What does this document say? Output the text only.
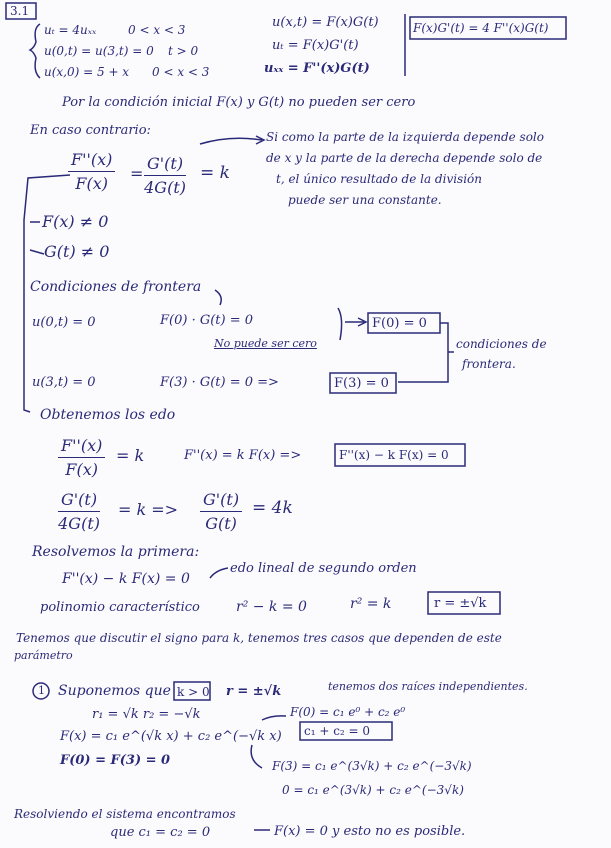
3.1
uₜ = 4uₓₓ	0 < x < 3
u(0,t) = u(3,t) = 0 t > 0
u(x,0) = 5 + x 0 < x < 3
u(x,t) = F(x)G(t)
uₜ = F(x)G'(t)
uₓₓ = F''(x)G(t)
F(x)G'(t) = 4 F''(x)G(t)
Por la condición inicial F(x) y G(t) no pueden ser cero
En caso contrario:	Si como la parte de la izquierda depende solo
de x y la parte de la derecha depende solo de
t, el único resultado de la división
puede ser una constante.
$\frac{F''(x)}{F(x)} = \frac{G'(t)}{4G(t)} = k$
F(x) ≠ 0
G(t) ≠ 0
Condiciones de frontera
u(0,t) = 0	F(0) · G(t) = 0
No puede ser cero
F(0) = 0
u(3,t) = 0	F(3) · G(t) = 0 =>	F(3) = 0
condiciones de
frontera.
Obtenemos los edo
$\frac{F''(x)}{F(x)} = k$	F''(x) = k F(x) =>	F''(x) − k F(x) = 0
$\frac{G'(t)}{4G(t)} = k => \frac{G'(t)}{G(t)} = 4k$
Resolvemos la primera:
F''(x) − k F(x) = 0
edo lineal de segundo orden
polinomio característico	r² − k = 0	r² = k	r = ±√k
Tenemos que discutir el signo para k, tenemos tres casos que dependen de este
parámetro
1 Suponemos que k > 0 r = ±√k	tenemos dos raíces independientes.
r₁ = √k r₂ = −√k
F(x) = c₁ e^(√k x) + c₂ e^(−√k x)
F(0) = F(3) = 0
F(0) = c₁ e⁰ + c₂ e⁰
c₁ + c₂ = 0
F(3) = c₁ e^(3√k) + c₂ e^(−3√k)
0 = c₁ e^(3√k) + c₂ e^(−3√k)
Resolviendo el sistema encontramos
que c₁ = c₂ = 0	F(x) = 0 y esto no es posible.
